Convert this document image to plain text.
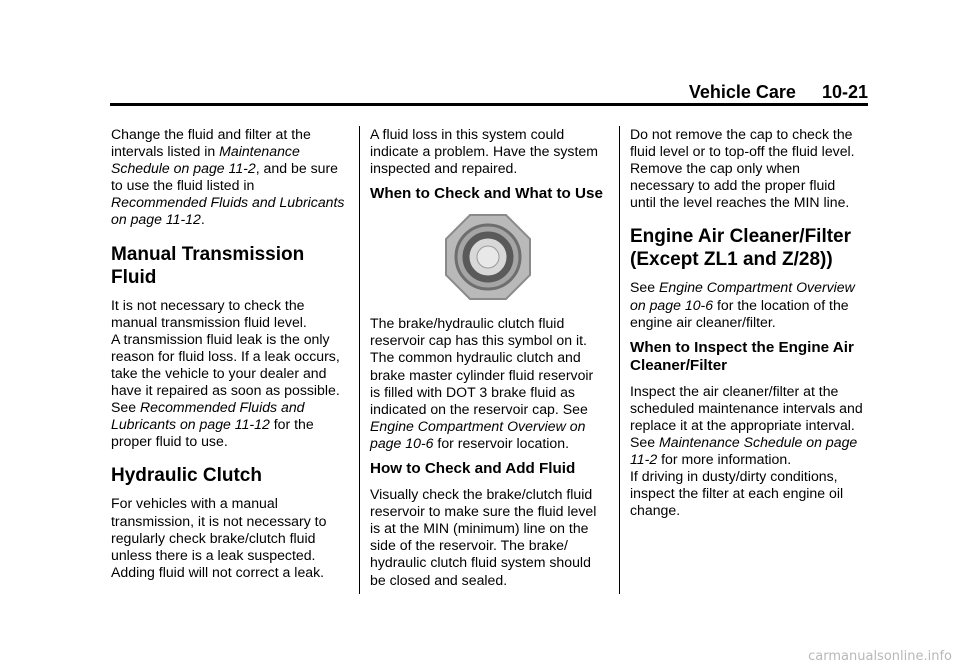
Vehicle Care 10-21

Change the fluid and filter at the intervals listed in Maintenance Schedule on page 11-2, and be sure to use the fluid listed in Recommended Fluids and Lubricants on page 11-12.

Manual Transmission Fluid

It is not necessary to check the manual transmission fluid level.
A transmission fluid leak is the only reason for fluid loss. If a leak occurs, take the vehicle to your dealer and have it repaired as soon as possible. See Recommended Fluids and Lubricants on page 11-12 for the proper fluid to use.

Hydraulic Clutch

For vehicles with a manual transmission, it is not necessary to regularly check brake/clutch fluid unless there is a leak suspected. Adding fluid will not correct a leak.

A fluid loss in this system could indicate a problem. Have the system inspected and repaired.

When to Check and What to Use

The brake/hydraulic clutch fluid reservoir cap has this symbol on it. The common hydraulic clutch and brake master cylinder fluid reservoir is filled with DOT 3 brake fluid as indicated on the reservoir cap. See Engine Compartment Overview on page 10-6 for reservoir location.

How to Check and Add Fluid

Visually check the brake/clutch fluid reservoir to make sure the fluid level is at the MIN (minimum) line on the side of the reservoir. The brake/ hydraulic clutch fluid system should be closed and sealed.

Do not remove the cap to check the fluid level or to top-off the fluid level. Remove the cap only when necessary to add the proper fluid until the level reaches the MIN line.

Engine Air Cleaner/Filter (Except ZL1 and Z/28))

See Engine Compartment Overview on page 10-6 for the location of the engine air cleaner/filter.

When to Inspect the Engine Air Cleaner/Filter

Inspect the air cleaner/filter at the scheduled maintenance intervals and replace it at the appropriate interval. See Maintenance Schedule on page 11-2 for more information.
If driving in dusty/dirty conditions, inspect the filter at each engine oil change.

carmanualsonline.info
